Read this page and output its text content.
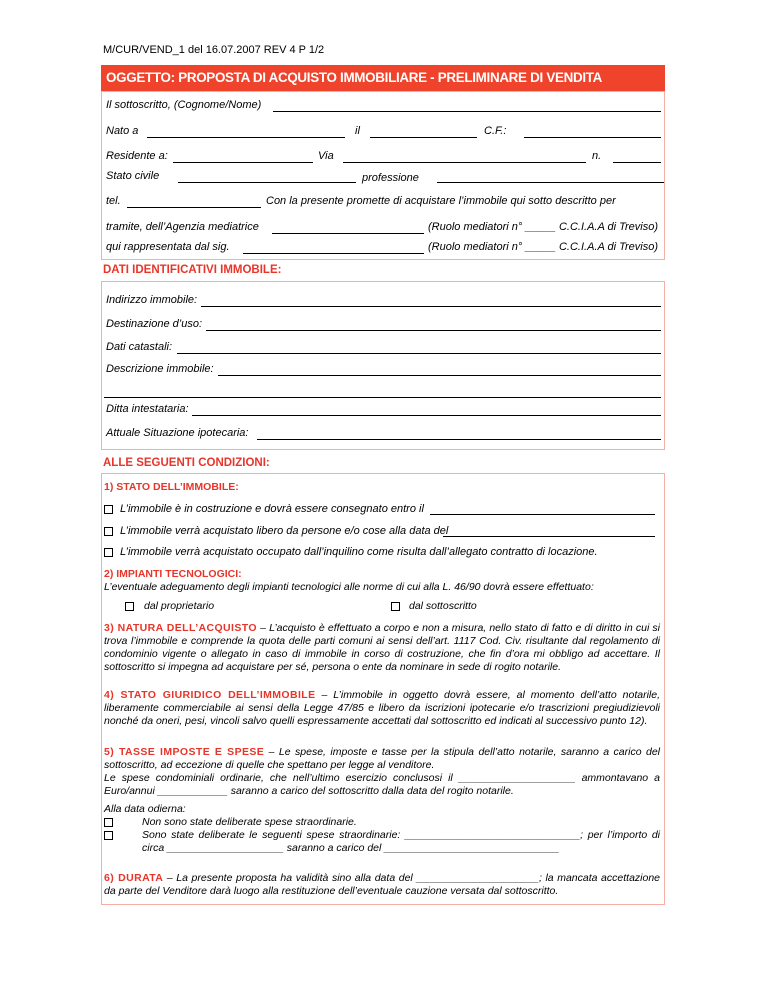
M/CUR/VEND_1 del 16.07.2007 REV 4 P 1/2
OGGETTO: PROPOSTA DI ACQUISTO IMMOBILIARE - PRELIMINARE DI VENDITA
Il sottoscritto, (Cognome/Nome)
Nato a	il	C.F.:
Residente a:	Via	n.
Stato civile	professione
tel.	Con la presente promette di acquistare l’immobile qui sotto descritto per
tramite, dell’Agenzia mediatrice	(Ruolo mediatori n° _____ C.C.I.A.A di Treviso)
qui rappresentata dal sig.	(Ruolo mediatori n° _____ C.C.I.A.A di Treviso)
DATI IDENTIFICATIVI IMMOBILE:
Indirizzo immobile:
Destinazione d’uso:
Dati catastali:
Descrizione immobile:
Ditta intestataria:
Attuale Situazione ipotecaria:
ALLE SEGUENTI CONDIZIONI:
1) STATO DELL’IMMOBILE:
L’immobile è in costruzione e dovrà essere consegnato entro il
L’immobile verrà acquistato libero da persone e/o cose alla data del
L’immobile verrà acquistato occupato dall’inquilino come risulta dall’allegato contratto di locazione.
2) IMPIANTI TECNOLOGICI:
L’eventuale adeguamento degli impianti tecnologici alle norme di cui alla L. 46/90 dovrà essere effettuato:
dal proprietario	dal sottoscritto
3) NATURA DELL’ACQUISTO – L’acquisto è effettuato a corpo e non a misura, nello stato di fatto e di diritto in cui si trova l’immobile e comprende la quota delle parti comuni ai sensi dell’art. 1117 Cod. Civ. risultante dal regolamento di condominio vigente o allegato in caso di immobile in corso di costruzione, che fin d’ora mi obbligo ad accettare. Il sottoscritto si impegna ad acquistare per sé, persona o ente da nominare in sede di rogito notarile.
4) STATO GIURIDICO DELL’IMMOBILE – L’immobile in oggetto dovrà essere, al momento dell’atto notarile, liberamente commerciabile ai sensi della Legge 47/85 e libero da iscrizioni ipotecarie e/o trascrizioni pregiudizievoli nonché da oneri, pesi, vincoli salvo quelli espressamente accettati dal sottoscritto ed indicati al successivo punto 12).
5) TASSE IMPOSTE E SPESE – Le spese, imposte e tasse per la stipula dell’atto notarile, saranno a carico del sottoscritto, ad eccezione di quelle che spettano per legge al venditore.
Le spese condominiali ordinarie, che nell’ultimo esercizio conclusosi il ____________________ ammontavano a Euro/annui ____________ saranno a carico del sottoscritto dalla data del rogito notarile.
Alla data odierna:
Non sono state deliberate spese straordinarie.
Sono state deliberate le seguenti spese straordinarie: ______________________________; per l’importo di circa ____________________ saranno a carico del ______________________________
6) DURATA – La presente proposta ha validità sino alla data del _____________________; la mancata accettazione da parte del Venditore darà luogo alla restituzione dell’eventuale cauzione versata dal sottoscritto.
